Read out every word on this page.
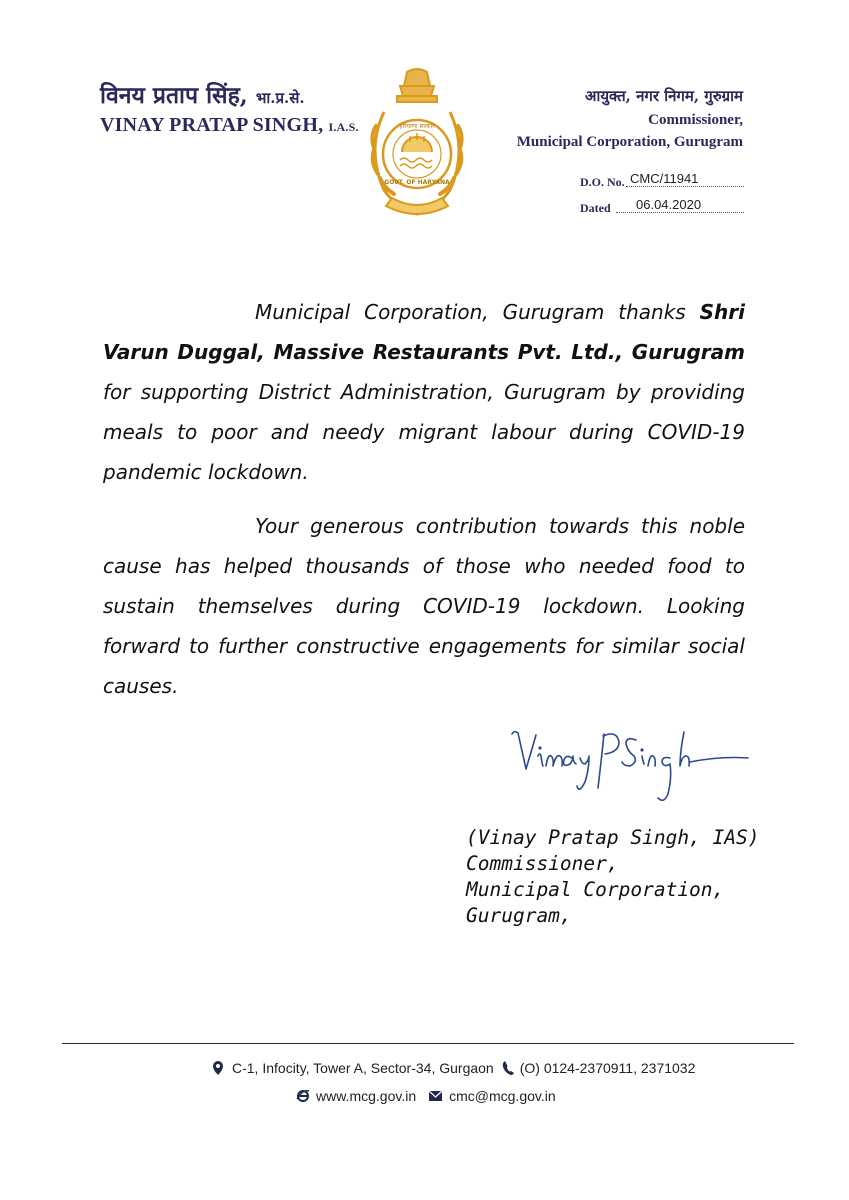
विनय प्रताप सिंह, भा.प्र.से.
VINAY PRATAP SINGH, I.A.S.	हरियाणा सरकार
GOVT. OF HARYANA
आयुक्त, नगर निगम, गुरुग्राम
Commissioner,
Municipal Corporation, Gurugram
D.O. No. CMC/11941
Dated 06.04.2020
Municipal Corporation, Gurugram thanks Shri Varun Duggal, Massive Restaurants Pvt. Ltd., Gurugram for supporting District Administration, Gurugram by providing meals to poor and needy migrant labour during COVID-19 pandemic lockdown.
Your generous contribution towards this noble cause has helped thousands of those who needed food to sustain themselves during COVID-19 lockdown. Looking forward to further constructive engagements for similar social causes.
Vinay P Singh
(Vinay Pratap Singh, IAS)
Commissioner,
Municipal Corporation,
Gurugram,
C-1, Infocity, Tower A, Sector-34, Gurgaon (O) 0124-2370911, 2371032
www.mcg.gov.in cmc@mcg.gov.in
